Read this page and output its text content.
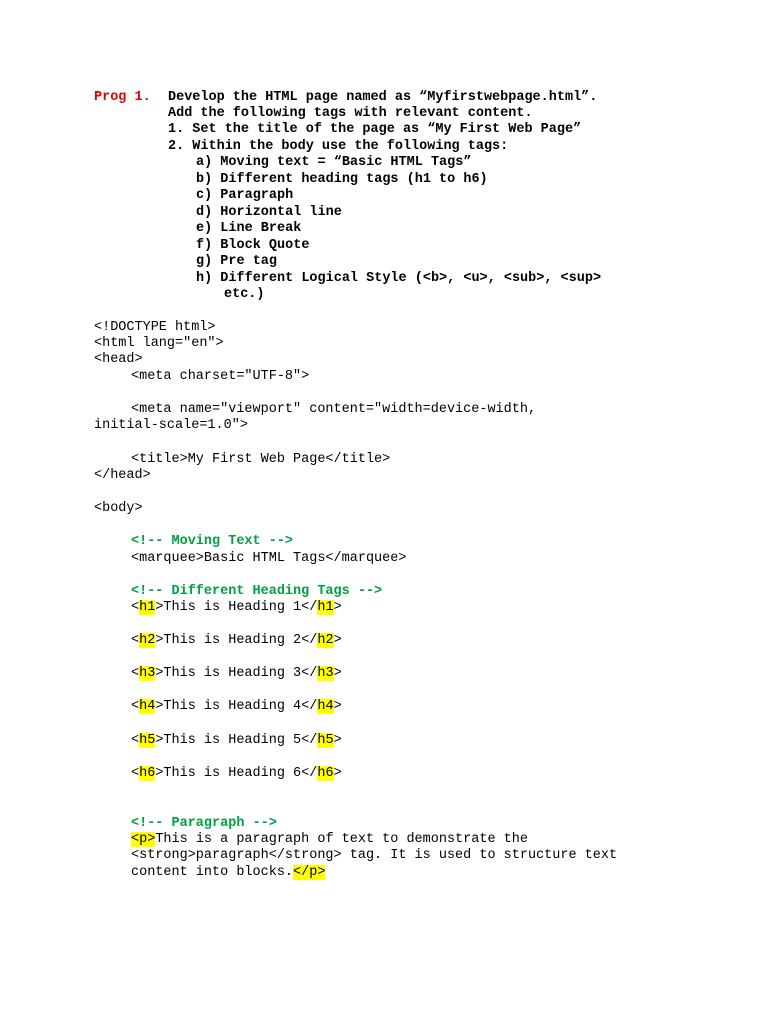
Prog 1. Develop the HTML page named as “Myfirstwebpage.html”.
Add the following tags with relevant content.
1. Set the title of the page as “My First Web Page”
2. Within the body use the following tags:
a) Moving text = “Basic HTML Tags”
b) Different heading tags (h1 to h6)
c) Paragraph
d) Horizontal line
e) Line Break
f) Block Quote
g) Pre tag
h) Different Logical Style (<b>, <u>, <sub>, <sup>
etc.)
<!DOCTYPE html>
<html lang="en">
<head>
<meta charset="UTF-8">
<meta name="viewport" content="width=device-width,
initial-scale=1.0">
<title>My First Web Page</title>
</head>
<body>
<!-- Moving Text -->
<marquee>Basic HTML Tags</marquee>
<!-- Different Heading Tags -->
<h1>This is Heading 1</h1>
<h2>This is Heading 2</h2>
<h3>This is Heading 3</h3>
<h4>This is Heading 4</h4>
<h5>This is Heading 5</h5>
<h6>This is Heading 6</h6>
<!-- Paragraph -->
<p>This is a paragraph of text to demonstrate the
<strong>paragraph</strong> tag. It is used to structure text
content into blocks.</p>
